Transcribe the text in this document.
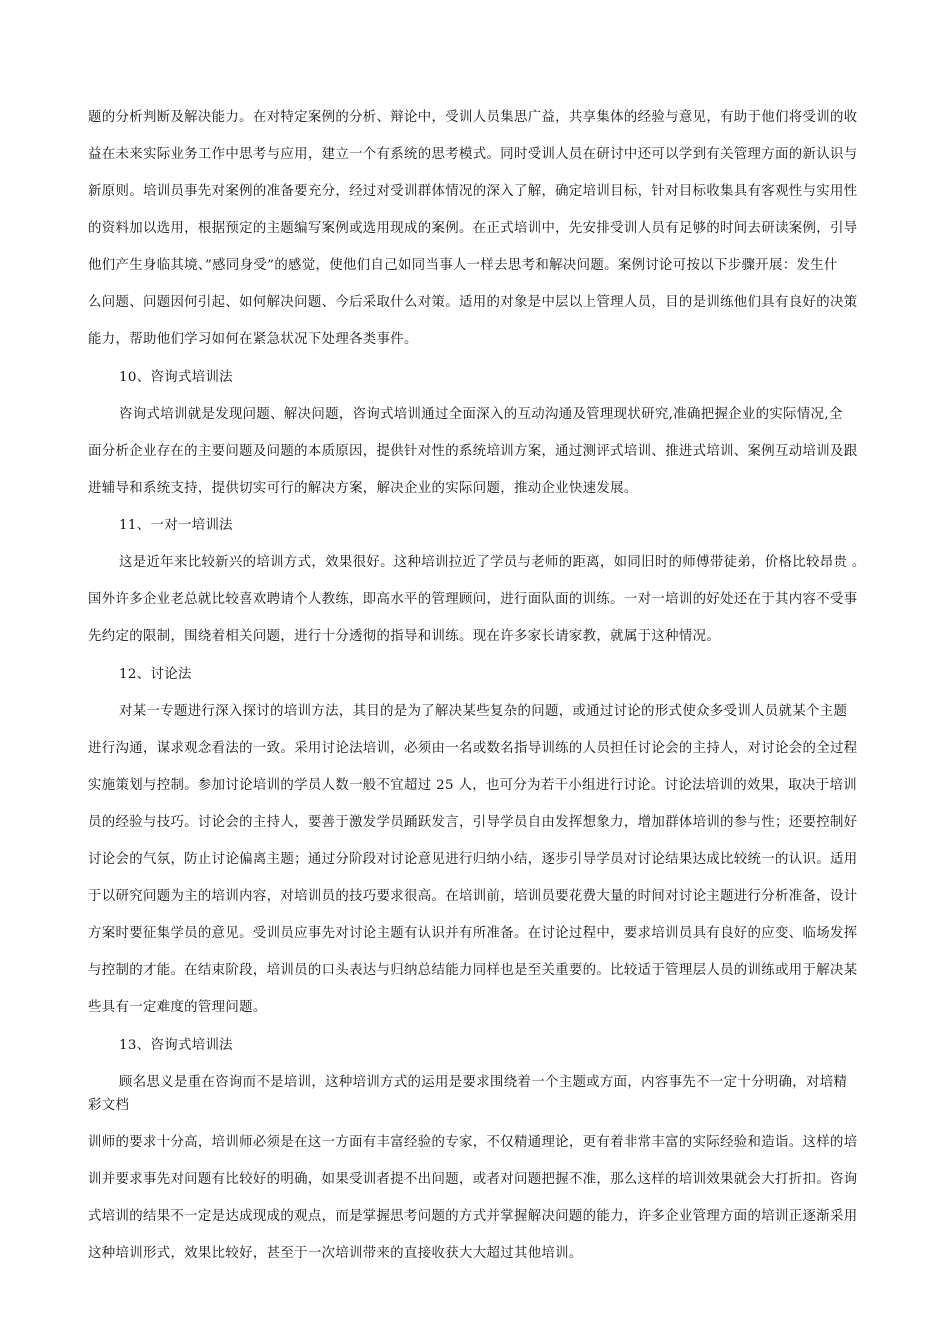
题的分析判断及解决能力。在对特定案例的分析、辩论中，受训人员集思广益，共享集体的经验与意见，有助于他们将受训的收
益在未来实际业务工作中思考与应用，建立一个有系统的思考模式。同时受训人员在研讨中还可以学到有关管理方面的新认识与
新原则。培训员事先对案例的准备要充分，经过对受训群体情况的深入了解，确定培训目标，针对目标收集具有客观性与实用性
的资料加以选用，根据预定的主题编写案例或选用现成的案例。在正式培训中，先安排受训人员有足够的时间去研读案例，引导
他们产生身临其境、”感同身受”的感觉，使他们自己如同当事人一样去思考和解决问题。案例讨论可按以下步骤开展：发生什
么问题、问题因何引起、如何解决问题、今后采取什么对策。适用的对象是中层以上管理人员，目的是训练他们具有良好的决策
能力，帮助他们学习如何在紧急状况下处理各类事件。
10、咨询式培训法
咨询式培训就是发现问题、解决问题，咨询式培训通过全面深入的互动沟通及管理现状研究,准确把握企业的实际情况,全
面分析企业存在的主要问题及问题的本质原因，提供针对性的系统培训方案，通过测评式培训、推进式培训、案例互动培训及跟
进辅导和系统支持，提供切实可行的解决方案，解决企业的实际问题，推动企业快速发展。
11、一对一培训法
这是近年来比较新兴的培训方式，效果很好。这种培训拉近了学员与老师的距离，如同旧时的师傅带徒弟，价格比较昂贵 。
国外许多企业老总就比较喜欢聘请个人教练，即高水平的管理顾问，进行面队面的训练。一对一培训的好处还在于其内容不受事
先约定的限制，围绕着相关问题，进行十分透彻的指导和训练。现在许多家长请家教，就属于这种情况。
12、讨论法
对某一专题进行深入探讨的培训方法，其目的是为了解决某些复杂的问题，或通过讨论的形式使众多受训人员就某个主题
进行沟通，谋求观念看法的一致。采用讨论法培训，必须由一名或数名指导训练的人员担任讨论会的主持人，对讨论会的全过程
实施策划与控制。参加讨论培训的学员人数一般不宜超过 25 人，也可分为若干小组进行讨论。讨论法培训的效果，取决于培训
员的经验与技巧。讨论会的主持人，要善于激发学员踊跃发言，引导学员自由发挥想象力，增加群体培训的参与性；还要控制好
讨论会的气氛，防止讨论偏离主题；通过分阶段对讨论意见进行归纳小结，逐步引导学员对讨论结果达成比较统一的认识。适用
于以研究问题为主的培训内容，对培训员的技巧要求很高。在培训前，培训员要花费大量的时间对讨论主题进行分析准备，设计
方案时要征集学员的意见。受训员应事先对讨论主题有认识并有所准备。在讨论过程中，要求培训员具有良好的应变、临场发挥
与控制的才能。在结束阶段，培训员的口头表达与归纳总结能力同样也是至关重要的。比较适于管理层人员的训练或用于解决某
些具有一定难度的管理问题。
13、咨询式培训法
顾名思义是重在咨询而不是培训，这种培训方式的运用是要求围绕着一个主题或方面，内容事先不一定十分明确，对培精
彩文档
训师的要求十分高，培训师必须是在这一方面有丰富经验的专家，不仅精通理论，更有着非常丰富的实际经验和造诣。这样的培
训并要求事先对问题有比较好的明确，如果受训者提不出问题，或者对问题把握不准，那么这样的培训效果就会大打折扣。咨询
式培训的结果不一定是达成现成的观点，而是掌握思考问题的方式并掌握解决问题的能力，许多企业管理方面的培训正逐渐采用
这种培训形式，效果比较好，甚至于一次培训带来的直接收获大大超过其他培训。
